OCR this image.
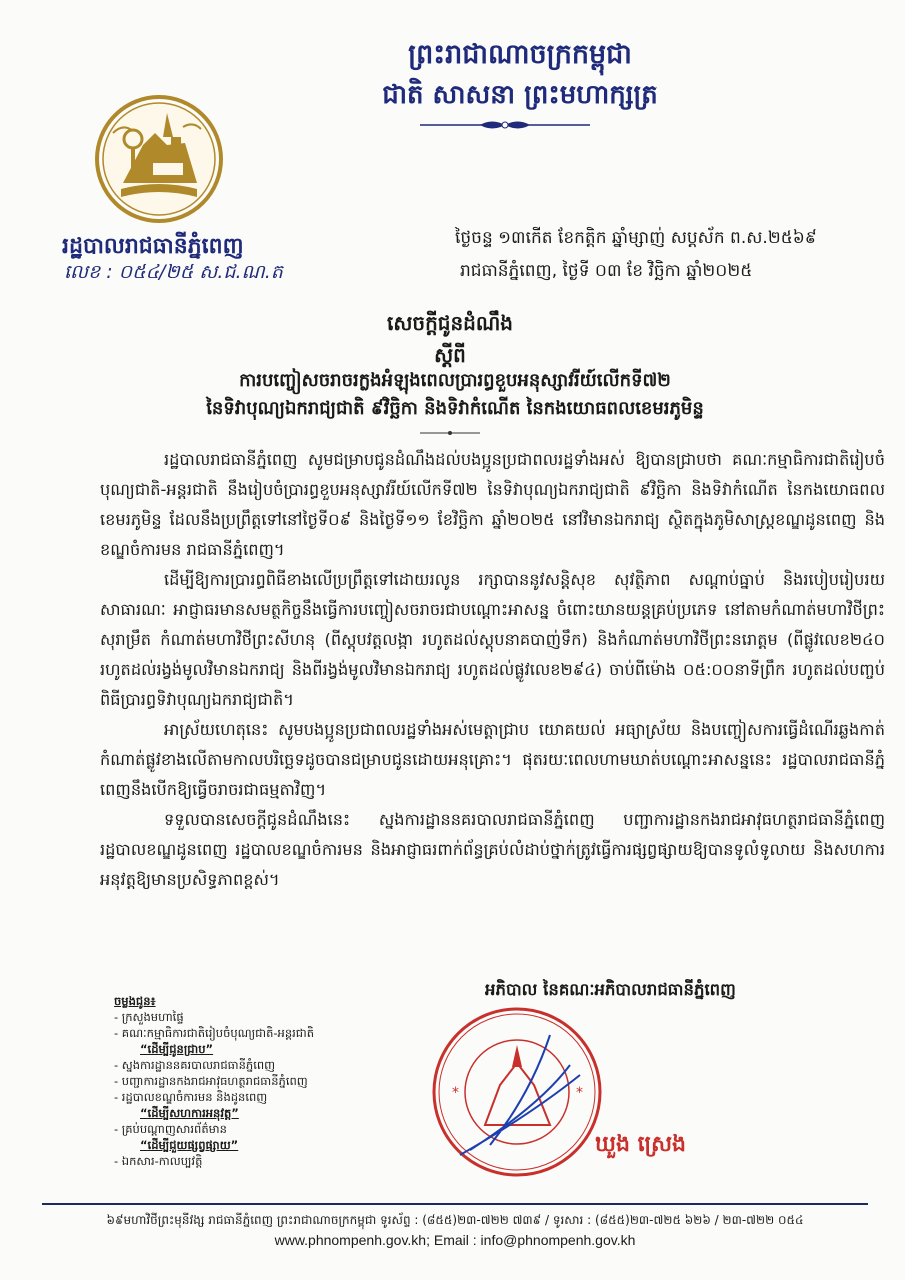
ព្រះរាជាណាចក្រកម្ពុជា
ជាតិ សាសនា ព្រះមហាក្សត្រ
រដ្ឋបាលរាជធានីភ្នំពេញ
លេខ : ០៥៤/២៥ ស.ជ.ណ.ត
ថ្ងៃចន្ទ ១៣កើត ខែកត្តិក ឆ្នាំម្សាញ់ សប្តស័ក ព.ស.២៥៦៩
រាជធានីភ្នំពេញ, ថ្ងៃទី ០៣ ខែ វិច្ឆិកា ឆ្នាំ២០២៥
សេចក្តីជូនដំណឹង
ស្តីពី
ការបញ្ចៀសចរាចរក្លងអំឡុងពេលប្រារព្ធខួបអនុស្សាវរីយ៍លើកទី៧២
នៃទិវាបុណ្យឯករាជ្យជាតិ ៩វិច្ឆិកា និងទិវាកំណើត នៃកងយោធពលខេមរភូមិន្ទ

រដ្ឋបាលរាជធានីភ្នំពេញ សូមជម្រាបជូនដំណឹងដល់បងប្អូនប្រជាពលរដ្ឋទាំងអស់ ឱ្យបានជ្រាបថា គណៈកម្មាធិការជាតិរៀបចំបុណ្យជាតិ-អន្តរជាតិ នឹងរៀបចំប្រារព្ធខួបអនុស្សាវរីយ៍លើកទី៧២ នៃទិវាបុណ្យឯករាជ្យជាតិ ៩វិច្ឆិកា និងទិវាកំណើត នៃកងយោធពលខេមរភូមិន្ទ ដែលនឹងប្រព្រឹត្តទៅនៅថ្ងៃទី០៩ និងថ្ងៃទី១១ ខែវិច្ឆិកា ឆ្នាំ២០២៥ នៅវិមានឯករាជ្យ ស្ថិតក្នុងភូមិសាស្ត្រខណ្ឌដូនពេញ និងខណ្ឌចំការមន រាជធានីភ្នំពេញ។

ដើម្បីឱ្យការប្រារព្ធពិធីខាងលើប្រព្រឹត្តទៅដោយរលូន រក្សាបាននូវសន្តិសុខ សុវត្ថិភាព សណ្តាប់ធ្នាប់ និងរបៀបរៀបរយសាធារណៈ អាជ្ញាធរមានសមត្ថកិច្ចនឹងធ្វើការបញ្ចៀសចរាចរជាបណ្តោះអាសន្ន ចំពោះយានយន្តគ្រប់ប្រភេទ នៅតាមកំណាត់មហាវិថីព្រះសុរាម្រឹត កំណាត់មហាវិថីព្រះសីហនុ (ពីស្តុបវត្តលង្កា រហូតដល់ស្តុបនាគបាញ់ទឹក) និងកំណាត់មហាវិថីព្រះនរោត្តម (ពីផ្លូវលេខ២៤០ រហូតដល់រង្វង់មូលវិមានឯករាជ្យ និងពីរង្វង់មូលវិមានឯករាជ្យ រហូតដល់ផ្លូវលេខ២៩៤) ចាប់ពីម៉ោង ០៥:០០នាទីព្រឹក រហូតដល់បញ្ចប់ពិធីប្រារព្ធទិវាបុណ្យឯករាជ្យជាតិ។

អាស្រ័យហេតុនេះ សូមបងប្អូនប្រជាពលរដ្ឋទាំងអស់មេត្តាជ្រាប យោគយល់ អធ្យាស្រ័យ និងបញ្ចៀសការធ្វើដំណើរឆ្លងកាត់កំណាត់ផ្លូវខាងលើតាមកាលបរិច្ឆេទដូចបានជម្រាបជូនដោយអនុគ្រោះ។ ផុតរយៈពេលហាមឃាត់បណ្តោះអាសន្ននេះ រដ្ឋបាលរាជធានីភ្នំពេញនឹងបើកឱ្យធ្វើចរាចរជាធម្មតាវិញ។

ទទួលបានសេចក្តីជូនដំណឹងនេះ ស្នងការដ្ឋាននគរបាលរាជធានីភ្នំពេញ បញ្ជាការដ្ឋានកងរាជអាវុធហត្ថរាជធានីភ្នំពេញ រដ្ឋបាលខណ្ឌដូនពេញ រដ្ឋបាលខណ្ឌចំការមន និងអាជ្ញាធរពាក់ព័ន្ធគ្រប់លំដាប់ថ្នាក់ត្រូវធ្វើការផ្សព្វផ្សាយឱ្យបានទូលំទូលាយ និងសហការអនុវត្តឱ្យមានប្រសិទ្ធភាពខ្ពស់។

អភិបាល នៃគណៈអភិបាលរាជធានីភ្នំពេញ
*	*
ឃួង ស្រេង
ចម្លងជូន៖
- ក្រសួងមហាផ្ទៃ
- គណៈកម្មាធិការជាតិរៀបចំបុណ្យជាតិ-អន្តរជាតិ
“ដើម្បីជូនជ្រាប”
- ស្នងការដ្ឋាននគរបាលរាជធានីភ្នំពេញ
- បញ្ជាការដ្ឋានកងរាជអាវុធហត្ថរាជធានីភ្នំពេញ
- រដ្ឋបាលខណ្ឌចំការមន និងដូនពេញ
“ដើម្បីសហការអនុវត្ត”
- គ្រប់បណ្តាញសារព័ត៌មាន
“ដើម្បីជួយផ្សព្វផ្សាយ”
- ឯកសារ-កាលប្បវត្តិ
៦៩មហាវិថីព្រះមុនីវង្ស រាជធានីភ្នំពេញ ព្រះរាជាណាចក្រកម្ពុជា ទូរស័ព្ទ : (៨៥៥)២៣-៧២២ ៧៣៩ / ទូរសារ : (៨៥៥)២៣-៧២៥ ៦២៦ / ២៣-៧២២ ០៥៤
www.phnompenh.gov.kh; Email : info@phnompenh.gov.kh
